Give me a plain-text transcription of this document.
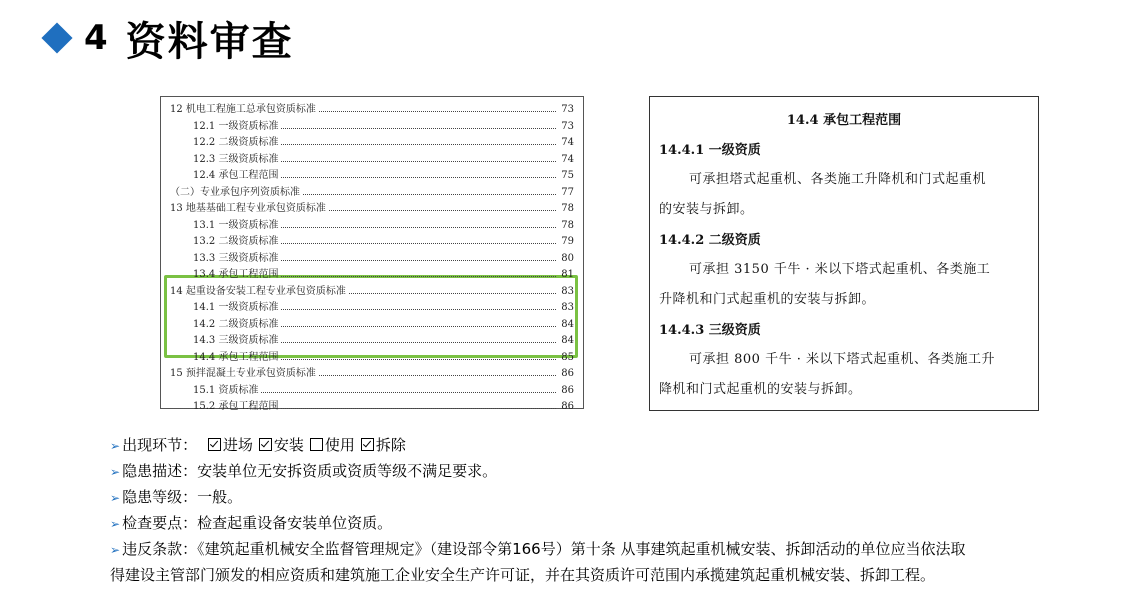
4 资料审查
12 机电工程施工总承包资质标准	73
12.1 一级资质标准	73
12.2 二级资质标准	74
12.3 三级资质标准	74
12.4 承包工程范围	75
（二）专业承包序列资质标准	77
13 地基基础工程专业承包资质标准	78
13.1 一级资质标准	78
13.2 二级资质标准	79
13.3 三级资质标准	80
13.4 承包工程范围	81
14 起重设备安装工程专业承包资质标准	83
14.1 一级资质标准	83
14.2 二级资质标准	84
14.3 三级资质标准	84
14.4 承包工程范围	85
15 预拌混凝土专业承包资质标准	86
15.1 资质标准	86
15.2 承包工程范围	86
14.4 承包工程范围
14.4.1 一级资质
可承担塔式起重机、各类施工升降机和门式起重机
的安装与拆卸。
14.4.2 二级资质
可承担 3150 千牛 · 米以下塔式起重机、各类施工
升降机和门式起重机的安装与拆卸。
14.4.3 三级资质
可承担 800 千牛 · 米以下塔式起重机、各类施工升
降机和门式起重机的安装与拆卸。
➢ 出现环节： 进场 安装 使用 拆除
➢ 隐患描述：安装单位无安拆资质或资质等级不满足要求。
➢ 隐患等级：一般。
➢ 检查要点：检查起重设备安装单位资质。
➢ 违反条款：《建筑起重机械安全监督管理规定》（建设部令第166号）第十条 从事建筑起重机械安装、拆卸活动的单位应当依法取
得建设主管部门颁发的相应资质和建筑施工企业安全生产许可证，并在其资质许可范围内承揽建筑起重机械安装、拆卸工程。
